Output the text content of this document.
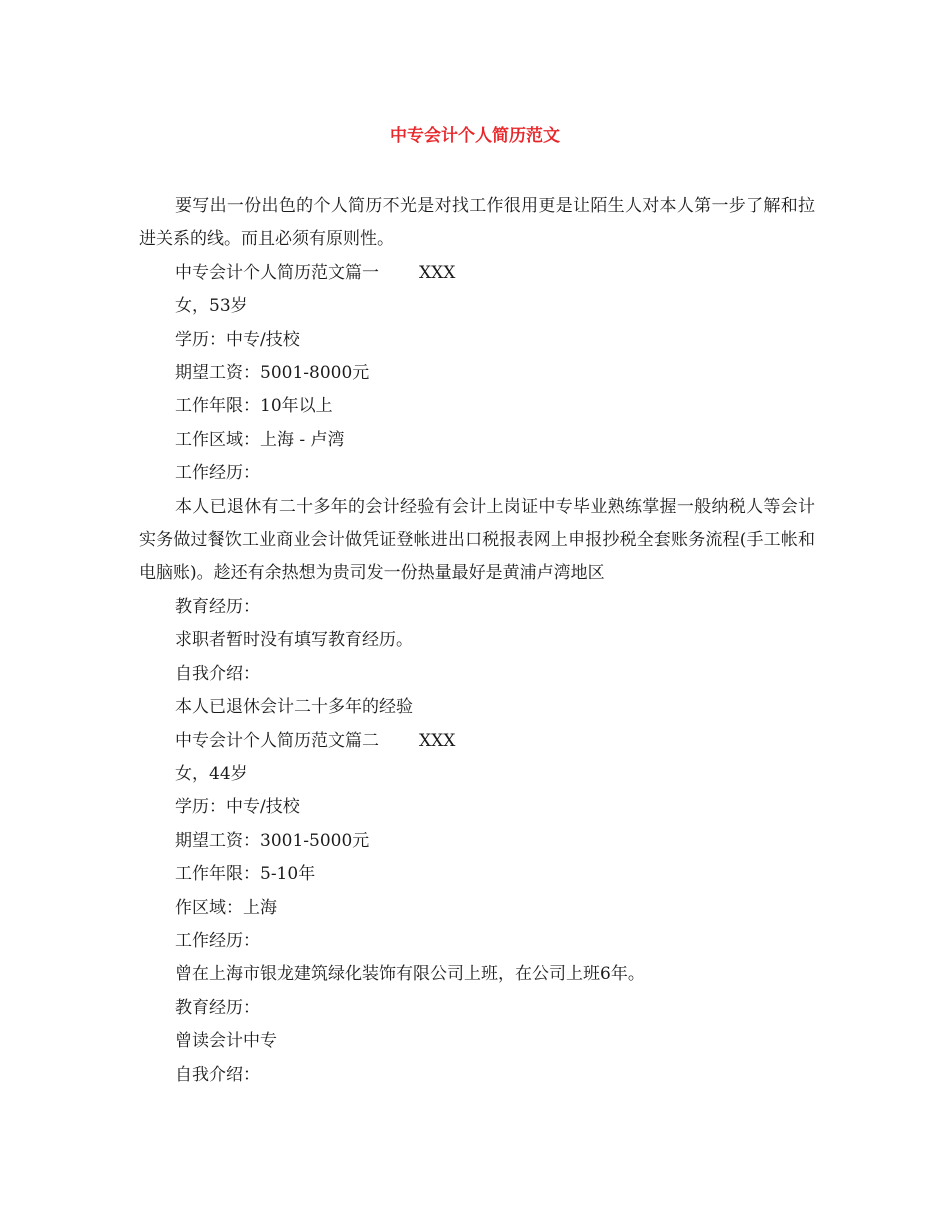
中专会计个人简历范文

要写出一份出色的个人简历不光是对找工作很用更是让陌生人对本人第一步了解和拉进关系的线。而且必须有原则性。

中专会计个人简历范文篇一 XXX

女，53岁

学历：中专/技校

期望工资：5001-8000元

工作年限：10年以上

工作区域：上海 - 卢湾

工作经历：

本人已退休有二十多年的会计经验有会计上岗证中专毕业熟练掌握一般纳税人等会计实务做过餐饮工业商业会计做凭证登帐进出口税报表网上申报抄税全套账务流程(手工帐和电脑账)。趁还有余热想为贵司发一份热量最好是黄浦卢湾地区

教育经历：

求职者暂时没有填写教育经历。

自我介绍：

本人已退休会计二十多年的经验

中专会计个人简历范文篇二 XXX

女，44岁

学历：中专/技校

期望工资：3001-5000元

工作年限：5-10年

作区域：上海

工作经历：

曾在上海市银龙建筑绿化装饰有限公司上班，在公司上班6年。

教育经历：

曾读会计中专

自我介绍：
